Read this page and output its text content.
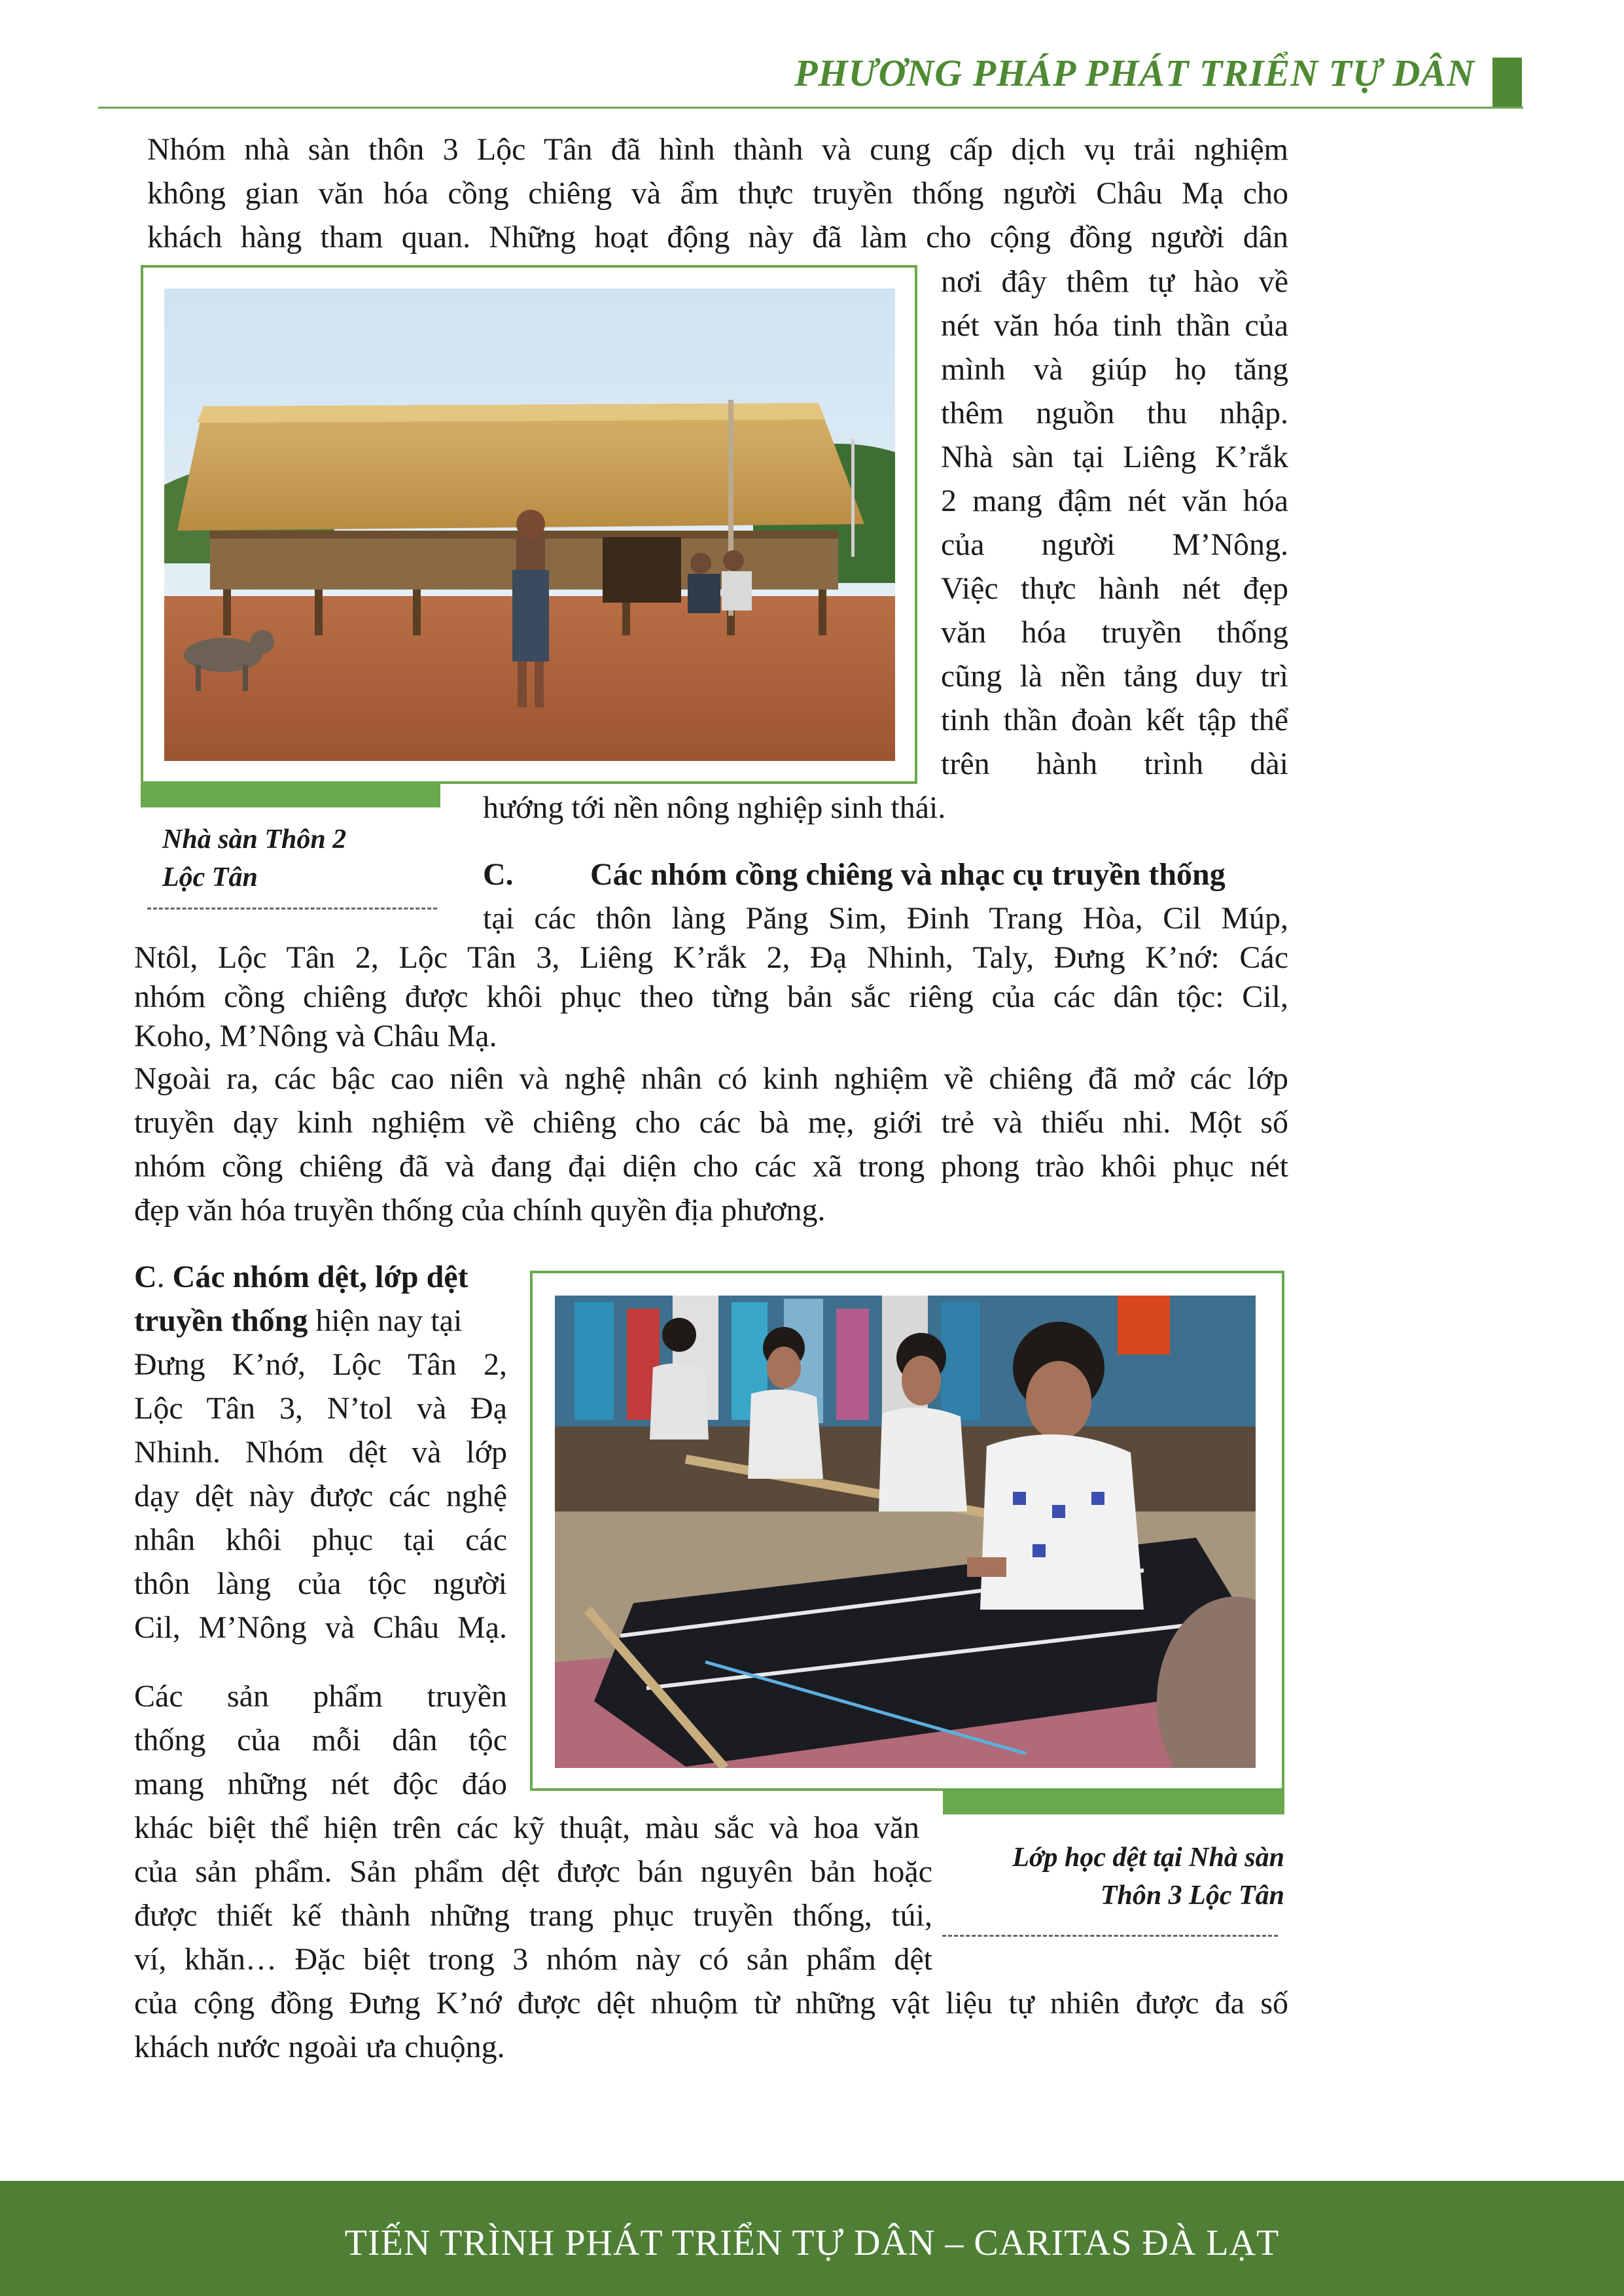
PHƯƠNG PHÁP PHÁT TRIỂN TỰ DÂN
Nhóm nhà sàn thôn 3 Lộc Tân đã hình thành và cung cấp dịch vụ trải nghiệm
không gian văn hóa cồng chiêng và ẩm thực truyền thống người Châu Mạ cho
khách hàng tham quan. Những hoạt động này đã làm cho cộng đồng người dân
nơi đây thêm tự hào về
nét văn hóa tinh thần của
mình và giúp họ tăng
thêm nguồn thu nhập.
Nhà sàn tại Liêng K’rắk
2 mang đậm nét văn hóa
của người M’Nông.
Việc thực hành nét đẹp
văn hóa truyền thống
cũng là nền tảng duy trì
tinh thần đoàn kết tập thể
trên hành trình dài
hướng tới nền nông nghiệp sinh thái.
Nhà sàn Thôn 2
Lộc Tân	C. Các nhóm cồng chiêng và nhạc cụ truyền thống
tại các thôn làng Păng Sim, Đinh Trang Hòa, Cil Múp,
Ntôl, Lộc Tân 2, Lộc Tân 3, Liêng K’rắk 2, Đạ Nhinh, Taly, Đưng K’nớ: Các
nhóm cồng chiêng được khôi phục theo từng bản sắc riêng của các dân tộc: Cil,
Koho, M’Nông và Châu Mạ.
Ngoài ra, các bậc cao niên và nghệ nhân có kinh nghiệm về chiêng đã mở các lớp
truyền dạy kinh nghiệm về chiêng cho các bà mẹ, giới trẻ và thiếu nhi. Một số
nhóm cồng chiêng đã và đang đại diện cho các xã trong phong trào khôi phục nét
đẹp văn hóa truyền thống của chính quyền địa phương.
C. Các nhóm dệt, lớp dệt
truyền thống hiện nay tại
Đưng K’nớ, Lộc Tân 2,
Lộc Tân 3, N’tol và Đạ
Nhinh. Nhóm dệt và lớp
dạy dệt này được các nghệ
nhân khôi phục tại các
thôn làng của tộc người
Cil, M’Nông và Châu Mạ.
Các sản phẩm truyền
thống của mỗi dân tộc
mang những nét độc đáo
Lớp học dệt tại Nhà sàn
Thôn 3 Lộc Tân
khác biệt thể hiện trên các kỹ thuật, màu sắc và hoa văn
của sản phẩm. Sản phẩm dệt được bán nguyên bản hoặc
được thiết kế thành những trang phục truyền thống, túi,
ví, khăn… Đặc biệt trong 3 nhóm này có sản phẩm dệt
của cộng đồng Đưng K’nớ được dệt nhuộm từ những vật liệu tự nhiên được đa số
khách nước ngoài ưa chuộng.
TIẾN TRÌNH PHÁT TRIỂN TỰ DÂN – CARITAS ĐÀ LẠT
